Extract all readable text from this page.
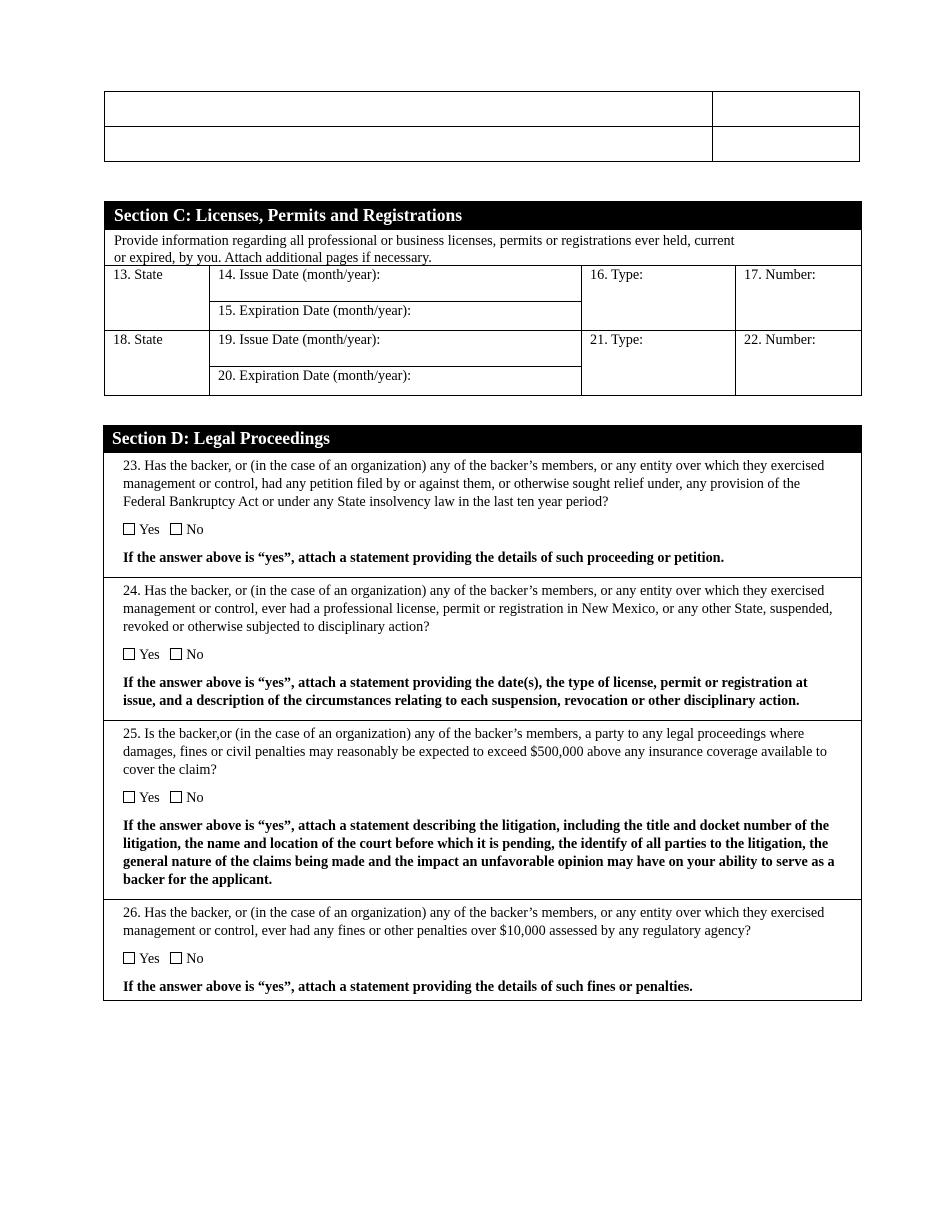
Section C: Licenses, Permits and Registrations
Provide information regarding all professional or business licenses, permits or registrations ever held, current
or expired, by you. Attach additional pages if necessary.
13. State	14. Issue Date (month/year):	16. Type:	17. Number:
	15. Expiration Date (month/year):		
18. State	19. Issue Date (month/year):	21. Type:	22. Number:
	20. Expiration Date (month/year):		
Section D: Legal Proceedings

23. Has the backer, or (in the case of an organization) any of the backer’s members, or any entity over which they exercised management or control, had any petition filed by or against them, or otherwise sought relief under, any provision of the Federal Bankruptcy Act or under any State insolvency law in the last ten year period?

Yes No

If the answer above is “yes”, attach a statement providing the details of such proceeding or petition.

24. Has the backer, or (in the case of an organization) any of the backer’s members, or any entity over which they exercised management or control, ever had a professional license, permit or registration in New Mexico, or any other State, suspended, revoked or otherwise subjected to disciplinary action?

Yes No

If the answer above is “yes”, attach a statement providing the date(s), the type of license, permit or registration at issue, and a description of the circumstances relating to each suspension, revocation or other disciplinary action.

25. Is the backer,or (in the case of an organization) any of the backer’s members, a party to any legal proceedings where damages, fines or civil penalties may reasonably be expected to exceed $500,000 above any insurance coverage available to cover the claim?

Yes No

If the answer above is “yes”, attach a statement describing the litigation, including the title and docket number of the litigation, the name and location of the court before which it is pending, the identify of all parties to the litigation, the general nature of the claims being made and the impact an unfavorable opinion may have on your ability to serve as a backer for the applicant.

26. Has the backer, or (in the case of an organization) any of the backer’s members, or any entity over which they exercised management or control, ever had any fines or other penalties over $10,000 assessed by any regulatory agency?

Yes No

If the answer above is “yes”, attach a statement providing the details of such fines or penalties.
